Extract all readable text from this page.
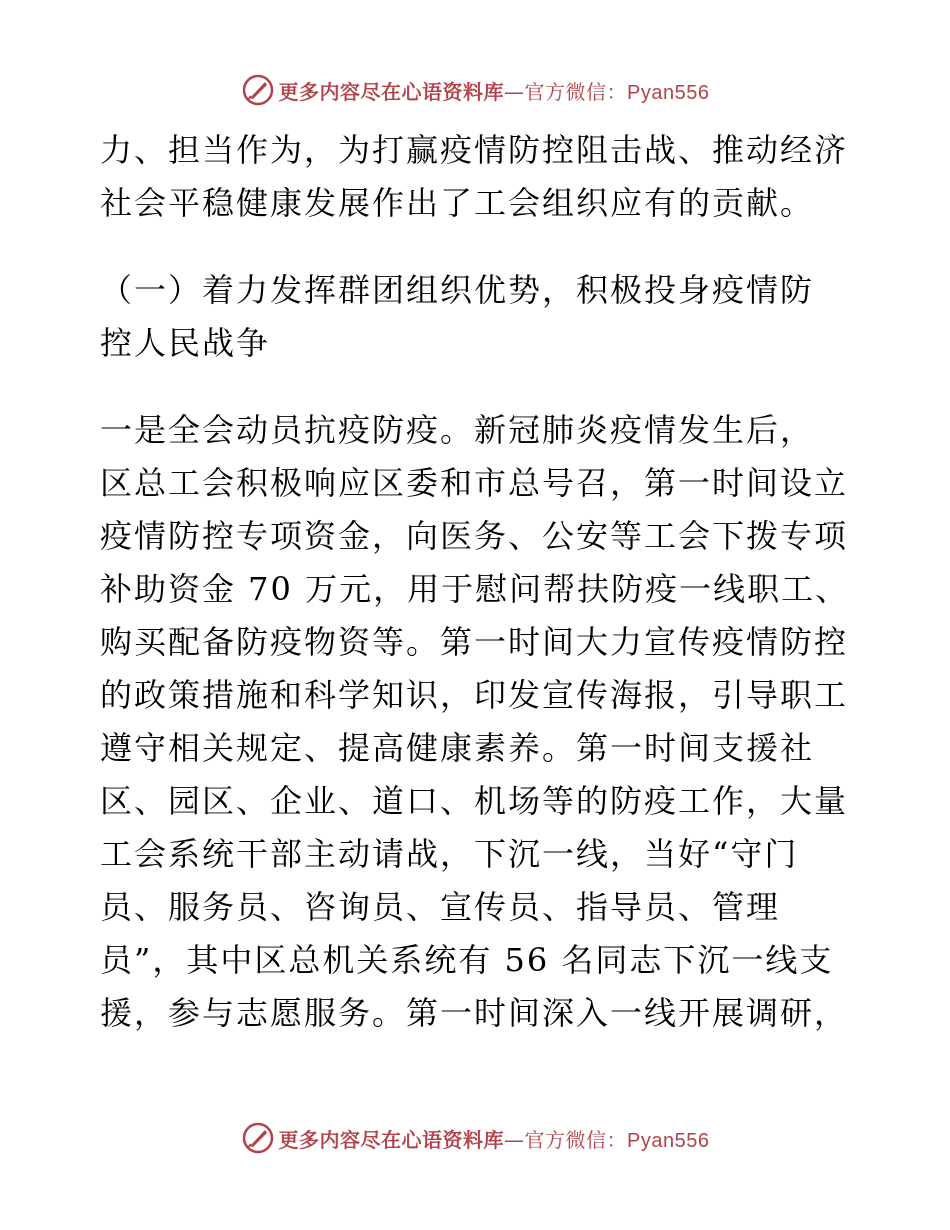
更多内容尽在心语资料库—官方微信：Pyan556
力、担当作为，为打赢疫情防控阻击战、推动经济
社会平稳健康发展作出了工会组织应有的贡献。
（一）着力发挥群团组织优势，积极投身疫情防
控人民战争
一是全会动员抗疫防疫。新冠肺炎疫情发生后，
区总工会积极响应区委和市总号召，第一时间设立
疫情防控专项资金，向医务、公安等工会下拨专项
补助资金 70 万元，用于慰问帮扶防疫一线职工、
购买配备防疫物资等。第一时间大力宣传疫情防控
的政策措施和科学知识，印发宣传海报，引导职工
遵守相关规定、提高健康素养。第一时间支援社
区、园区、企业、道口、机场等的防疫工作，大量
工会系统干部主动请战，下沉一线，当好“守门
员、服务员、咨询员、宣传员、指导员、管理
员”，其中区总机关系统有 56 名同志下沉一线支
援，参与志愿服务。第一时间深入一线开展调研，
更多内容尽在心语资料库—官方微信：Pyan556
